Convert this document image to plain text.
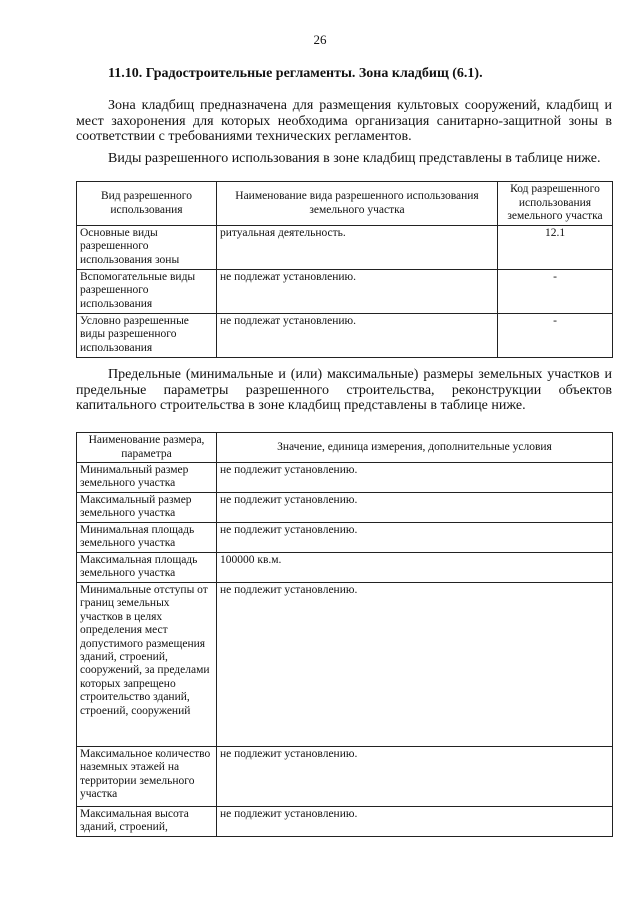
26
11.10. Градостроительные регламенты. Зона кладбищ (6.1).

Зона кладбищ предназначена для размещения культовых сооружений, кладбищ и мест захоронения для которых необходима организация санитарно-защитной зоны в соответствии с требованиями технических регламентов.

Виды разрешенного использования в зоне кладбищ представлены в таблице ниже.

Вид разрешенного использования	Наименование вида разрешенного использования земельного участка	Код разрешенного использования земельного участка
Основные виды разрешенного использования зоны	ритуальная деятельность.	12.1
Вспомогательные виды разрешенного использования	не подлежат установлению.	-
Условно разрешенные виды разрешенного использования	не подлежат установлению.	-

Предельные (минимальные и (или) максимальные) размеры земельных участков и предельные параметры разрешенного строительства, реконструкции объектов капитального строительства в зоне кладбищ представлены в таблице ниже.

Наименование размера, параметра	Значение, единица измерения, дополнительные условия
Минимальный размер земельного участка	не подлежит установлению.
Максимальный размер земельного участка	не подлежит установлению.
Минимальная площадь земельного участка	не подлежит установлению.
Максимальная площадь земельного участка	100000 кв.м.
Минимальные отступы от границ земельных участков в целях определения мест допустимого размещения зданий, строений, сооружений, за пределами которых запрещено строительство зданий, строений, сооружений	не подлежит установлению.
Максимальное количество наземных этажей на территории земельного участка	не подлежит установлению.
Максимальная высота зданий, строений,	не подлежит установлению.
